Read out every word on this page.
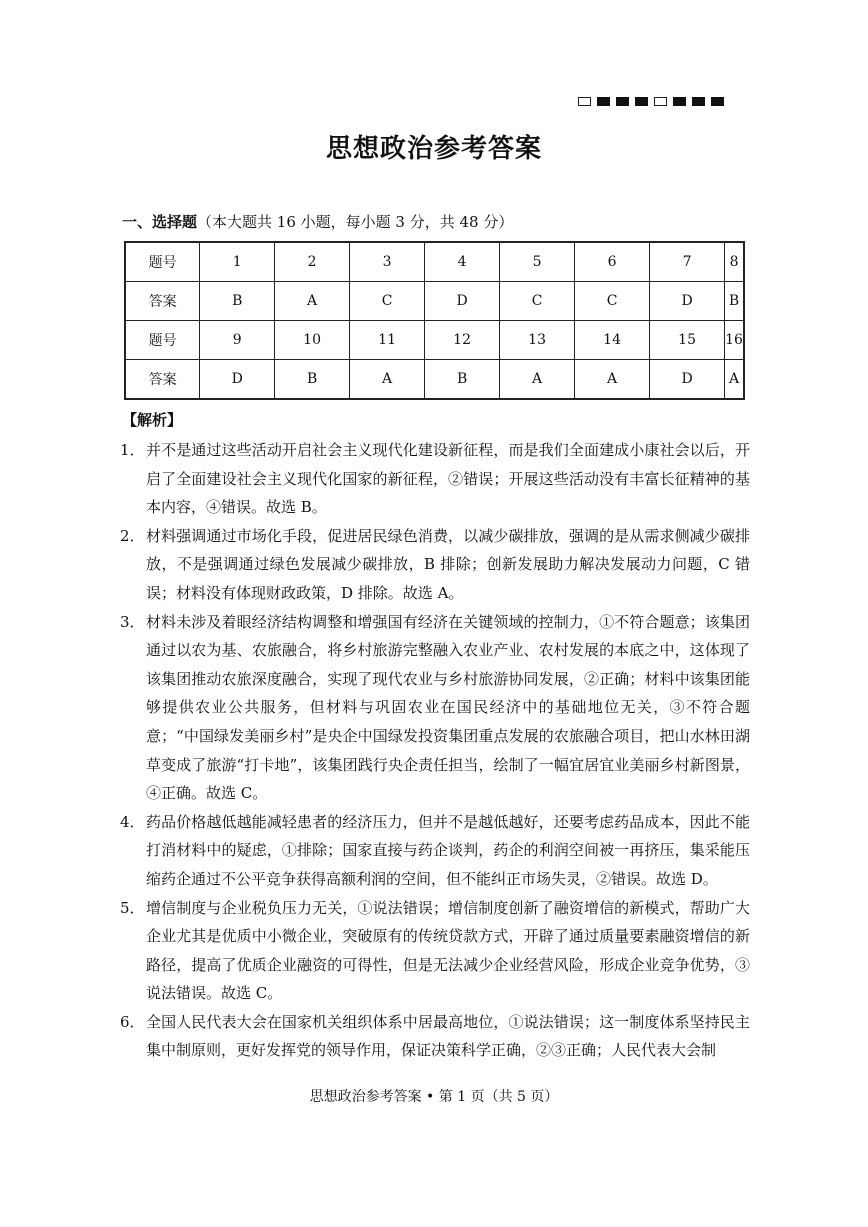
思想政治参考答案
一、选择题（本大题共 16 小题，每小题 3 分，共 48 分）
题号	1	2	3	4	5	6	7	8
答案	B	A	C	D	C	C	D	B
题号	9	10	11	12	13	14	15	16
答案	D	B	A	B	A	A	D	A
【解析】
1． 并不是通过这些活动开启社会主义现代化建设新征程，而是我们全面建成小康社会以后，开启了全面建设社会主义现代化国家的新征程，②错误；开展这些活动没有丰富长征精神的基本内容，④错误。故选 B。
2． 材料强调通过市场化手段，促进居民绿色消费，以减少碳排放，强调的是从需求侧减少碳排放，不是强调通过绿色发展减少碳排放，B 排除；创新发展助力解决发展动力问题，C 错误；材料没有体现财政政策，D 排除。故选 A。
3． 材料未涉及着眼经济结构调整和增强国有经济在关键领域的控制力，①不符合题意；该集团通过以农为基、农旅融合，将乡村旅游完整融入农业产业、农村发展的本底之中，这体现了该集团推动农旅深度融合，实现了现代农业与乡村旅游协同发展，②正确；材料中该集团能够提供农业公共服务，但材料与巩固农业在国民经济中的基础地位无关，③不符合题意；“中国绿发美丽乡村”是央企中国绿发投资集团重点发展的农旅融合项目，把山水林田湖草变成了旅游“打卡地”，该集团践行央企责任担当，绘制了一幅宜居宜业美丽乡村新图景，④正确。故选 C。
4． 药品价格越低越能减轻患者的经济压力，但并不是越低越好，还要考虑药品成本，因此不能打消材料中的疑虑，①排除；国家直接与药企谈判，药企的利润空间被一再挤压，集采能压缩药企通过不公平竞争获得高额利润的空间，但不能纠正市场失灵，②错误。故选 D。
5． 增信制度与企业税负压力无关，①说法错误；增信制度创新了融资增信的新模式，帮助广大企业尤其是优质中小微企业，突破原有的传统贷款方式，开辟了通过质量要素融资增信的新路径，提高了优质企业融资的可得性，但是无法减少企业经营风险，形成企业竞争优势，③说法错误。故选 C。
6． 全国人民代表大会在国家机关组织体系中居最高地位，①说法错误；这一制度体系坚持民主集中制原则，更好发挥党的领导作用，保证决策科学正确，②③正确；人民代表大会制
思想政治参考答案 • 第 1 页（共 5 页）
